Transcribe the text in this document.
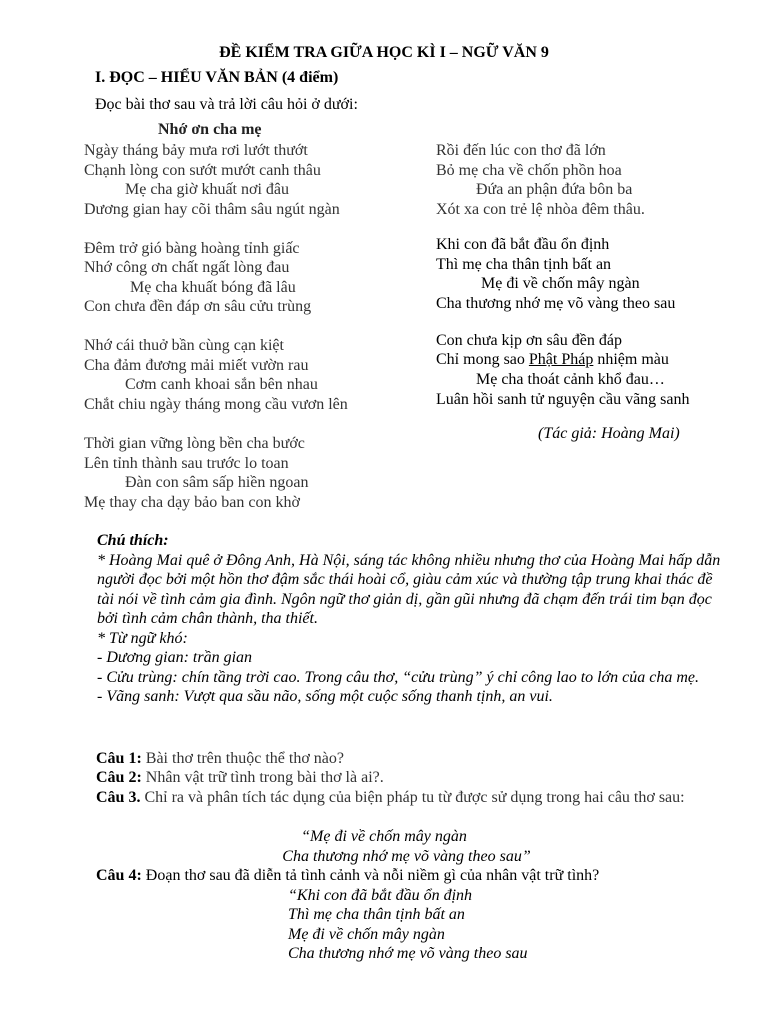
ĐỀ KIỂM TRA GIỮA HỌC KÌ I – NGỮ VĂN 9
I. ĐỌC – HIỂU VĂN BẢN (4 điểm)
Đọc bài thơ sau và trả lời câu hỏi ở dưới:
Nhớ ơn cha mẹ
Ngày tháng bảy mưa rơi lướt thướt
Chạnh lòng con sướt mướt canh thâu
Mẹ cha giờ khuất nơi đâu
Dương gian hay cõi thâm sâu ngút ngàn
Đêm trở gió bàng hoàng tỉnh giấc
Nhớ công ơn chất ngất lòng đau
Mẹ cha khuất bóng đã lâu
Con chưa đền đáp ơn sâu cửu trùng
Nhớ cái thuở bần cùng cạn kiệt
Cha đảm đương mải miết vườn rau
Cơm canh khoai sắn bên nhau
Chắt chiu ngày tháng mong cầu vươn lên
Thời gian vững lòng bền cha bước
Lên tỉnh thành sau trước lo toan
Đàn con sâm sấp hiền ngoan
Mẹ thay cha dạy bảo ban con khờ
Rồi đến lúc con thơ đã lớn
Bỏ mẹ cha về chốn phồn hoa
Đứa an phận đứa bôn ba
Xót xa con trẻ lệ nhòa đêm thâu.
Khi con đã bắt đầu ổn định
Thì mẹ cha thân tịnh bất an
Mẹ đi về chốn mây ngàn
Cha thương nhớ mẹ võ vàng theo sau
Con chưa kịp ơn sâu đền đáp
Chỉ mong sao Phật Pháp nhiệm màu
Mẹ cha thoát cảnh khổ đau…
Luân hồi sanh tử nguyện cầu vãng sanh
(Tác giả: Hoàng Mai)
Chú thích:
* Hoàng Mai quê ở Đông Anh, Hà Nội, sáng tác không nhiều nhưng thơ của Hoàng Mai hấp dẫn người đọc bởi một hồn thơ đậm sắc thái hoài cổ, giàu cảm xúc và thường tập trung khai thác đề tài nói về tình cảm gia đình. Ngôn ngữ thơ giản dị, gần gũi nhưng đã chạm đến trái tim bạn đọc bởi tình cảm chân thành, tha thiết.
* Từ ngữ khó:
- Dương gian: trần gian
- Cửu trùng: chín tầng trời cao. Trong câu thơ, “cửu trùng” ý chỉ công lao to lớn của cha mẹ.
- Vãng sanh: Vượt qua sầu não, sống một cuộc sống thanh tịnh, an vui.
Câu 1: Bài thơ trên thuộc thể thơ nào?
Câu 2: Nhân vật trữ tình trong bài thơ là ai?.
Câu 3. Chỉ ra và phân tích tác dụng của biện pháp tu từ được sử dụng trong hai câu thơ sau:
“Mẹ đi về chốn mây ngàn
Cha thương nhớ mẹ võ vàng theo sau”
Câu 4: Đoạn thơ sau đã diễn tả tình cảnh và nỗi niềm gì của nhân vật trữ tình?
“Khi con đã bắt đầu ổn định
Thì mẹ cha thân tịnh bất an
Mẹ đi về chốn mây ngàn
Cha thương nhớ mẹ võ vàng theo sau
